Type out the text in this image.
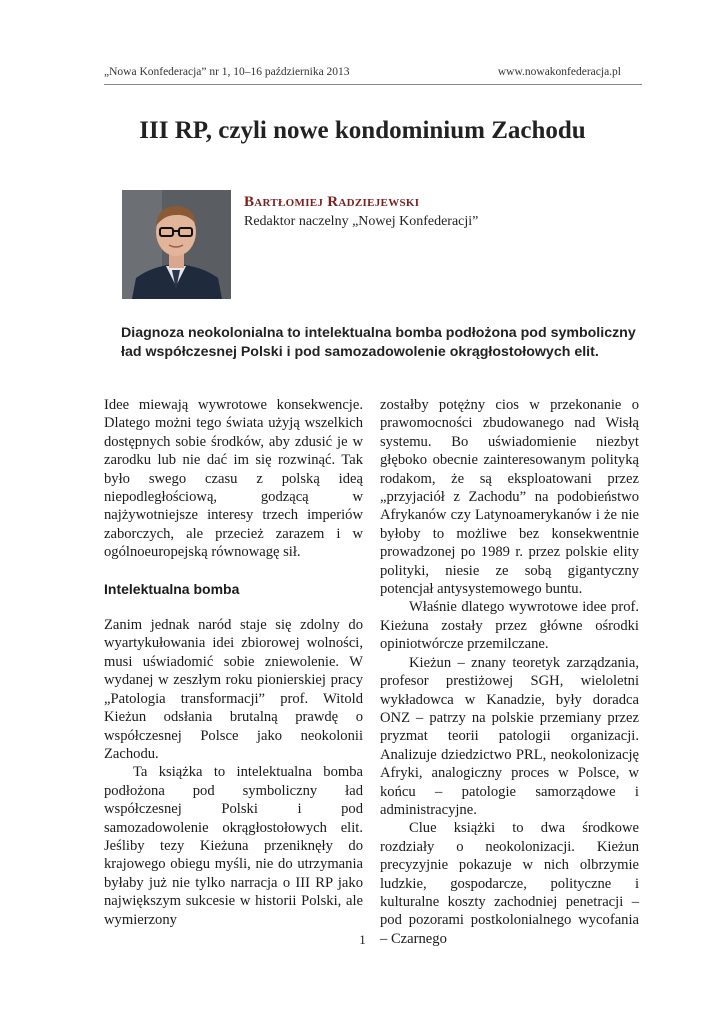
„Nowa Konfederacja” nr 1, 10–16 października 2013	www.nowakonfederacja.pl
III RP, czyli nowe kondominium Zachodu
Bartłomiej Radziejewski
Redaktor naczelny „Nowej Konfederacji”
Diagnoza neokolonialna to intelektualna bomba podłożona pod symboliczny ład współczesnej Polski i pod samozadowolenie okrągłostołowych elit.

Idee miewają wywrotowe konsekwencje. Dlatego możni tego świata użyją wszelkich dostępnych sobie środków, aby zdusić je w zarodku lub nie dać im się rozwinąć. Tak było swego czasu z polską ideą niepodległościową, godzącą w najżywotniejsze interesy trzech imperiów zaborczych, ale przecież zarazem i w ogólnoeuropejską równowagę sił.

Intelektualna bomba

Zanim jednak naród staje się zdolny do wyartykułowania idei zbiorowej wolności, musi uświadomić sobie zniewolenie. W wydanej w zeszłym roku pionierskiej pracy „Patologia transformacji” prof. Witold Kieżun odsłania brutalną prawdę o współczesnej Polsce jako neokolonii Zachodu.

Ta książka to intelektualna bomba podłożona pod symboliczny ład współczesnej Polski i pod samozadowolenie okrągłostołowych elit. Jeśliby tezy Kieżuna przeniknęły do krajowego obiegu myśli, nie do utrzymania byłaby już nie tylko narracja o III RP jako największym sukcesie w historii Polski, ale wymierzony

zostałby potężny cios w przekonanie o prawomocności zbudowanego nad Wisłą systemu. Bo uświadomienie niezbyt głęboko obecnie zainteresowanym polityką rodakom, że są eksploatowani przez „przyjaciół z Zachodu” na podobieństwo Afrykanów czy Latynoamerykanów i że nie byłoby to możliwe bez konsekwentnie prowadzonej po 1989 r. przez polskie elity polityki, niesie ze sobą gigantyczny potencjał antysystemowego buntu.

Właśnie dlatego wywrotowe idee prof. Kieżuna zostały przez główne ośrodki opiniotwórcze przemilczane.

Kieżun – znany teoretyk zarządzania, profesor prestiżowej SGH, wieloletni wykładowca w Kanadzie, były doradca ONZ – patrzy na polskie przemiany przez pryzmat teorii patologii organizacji. Analizuje dziedzictwo PRL, neokolonizację Afryki, analogiczny proces w Polsce, w końcu – patologie samorządowe i administracyjne.

Clue książki to dwa środkowe rozdziały o neokolonizacji. Kieżun precyzyjnie pokazuje w nich olbrzymie ludzkie, gospodarcze, polityczne i kulturalne koszty zachodniej penetracji – pod pozorami postkolonialnego wycofania – Czarnego

1
